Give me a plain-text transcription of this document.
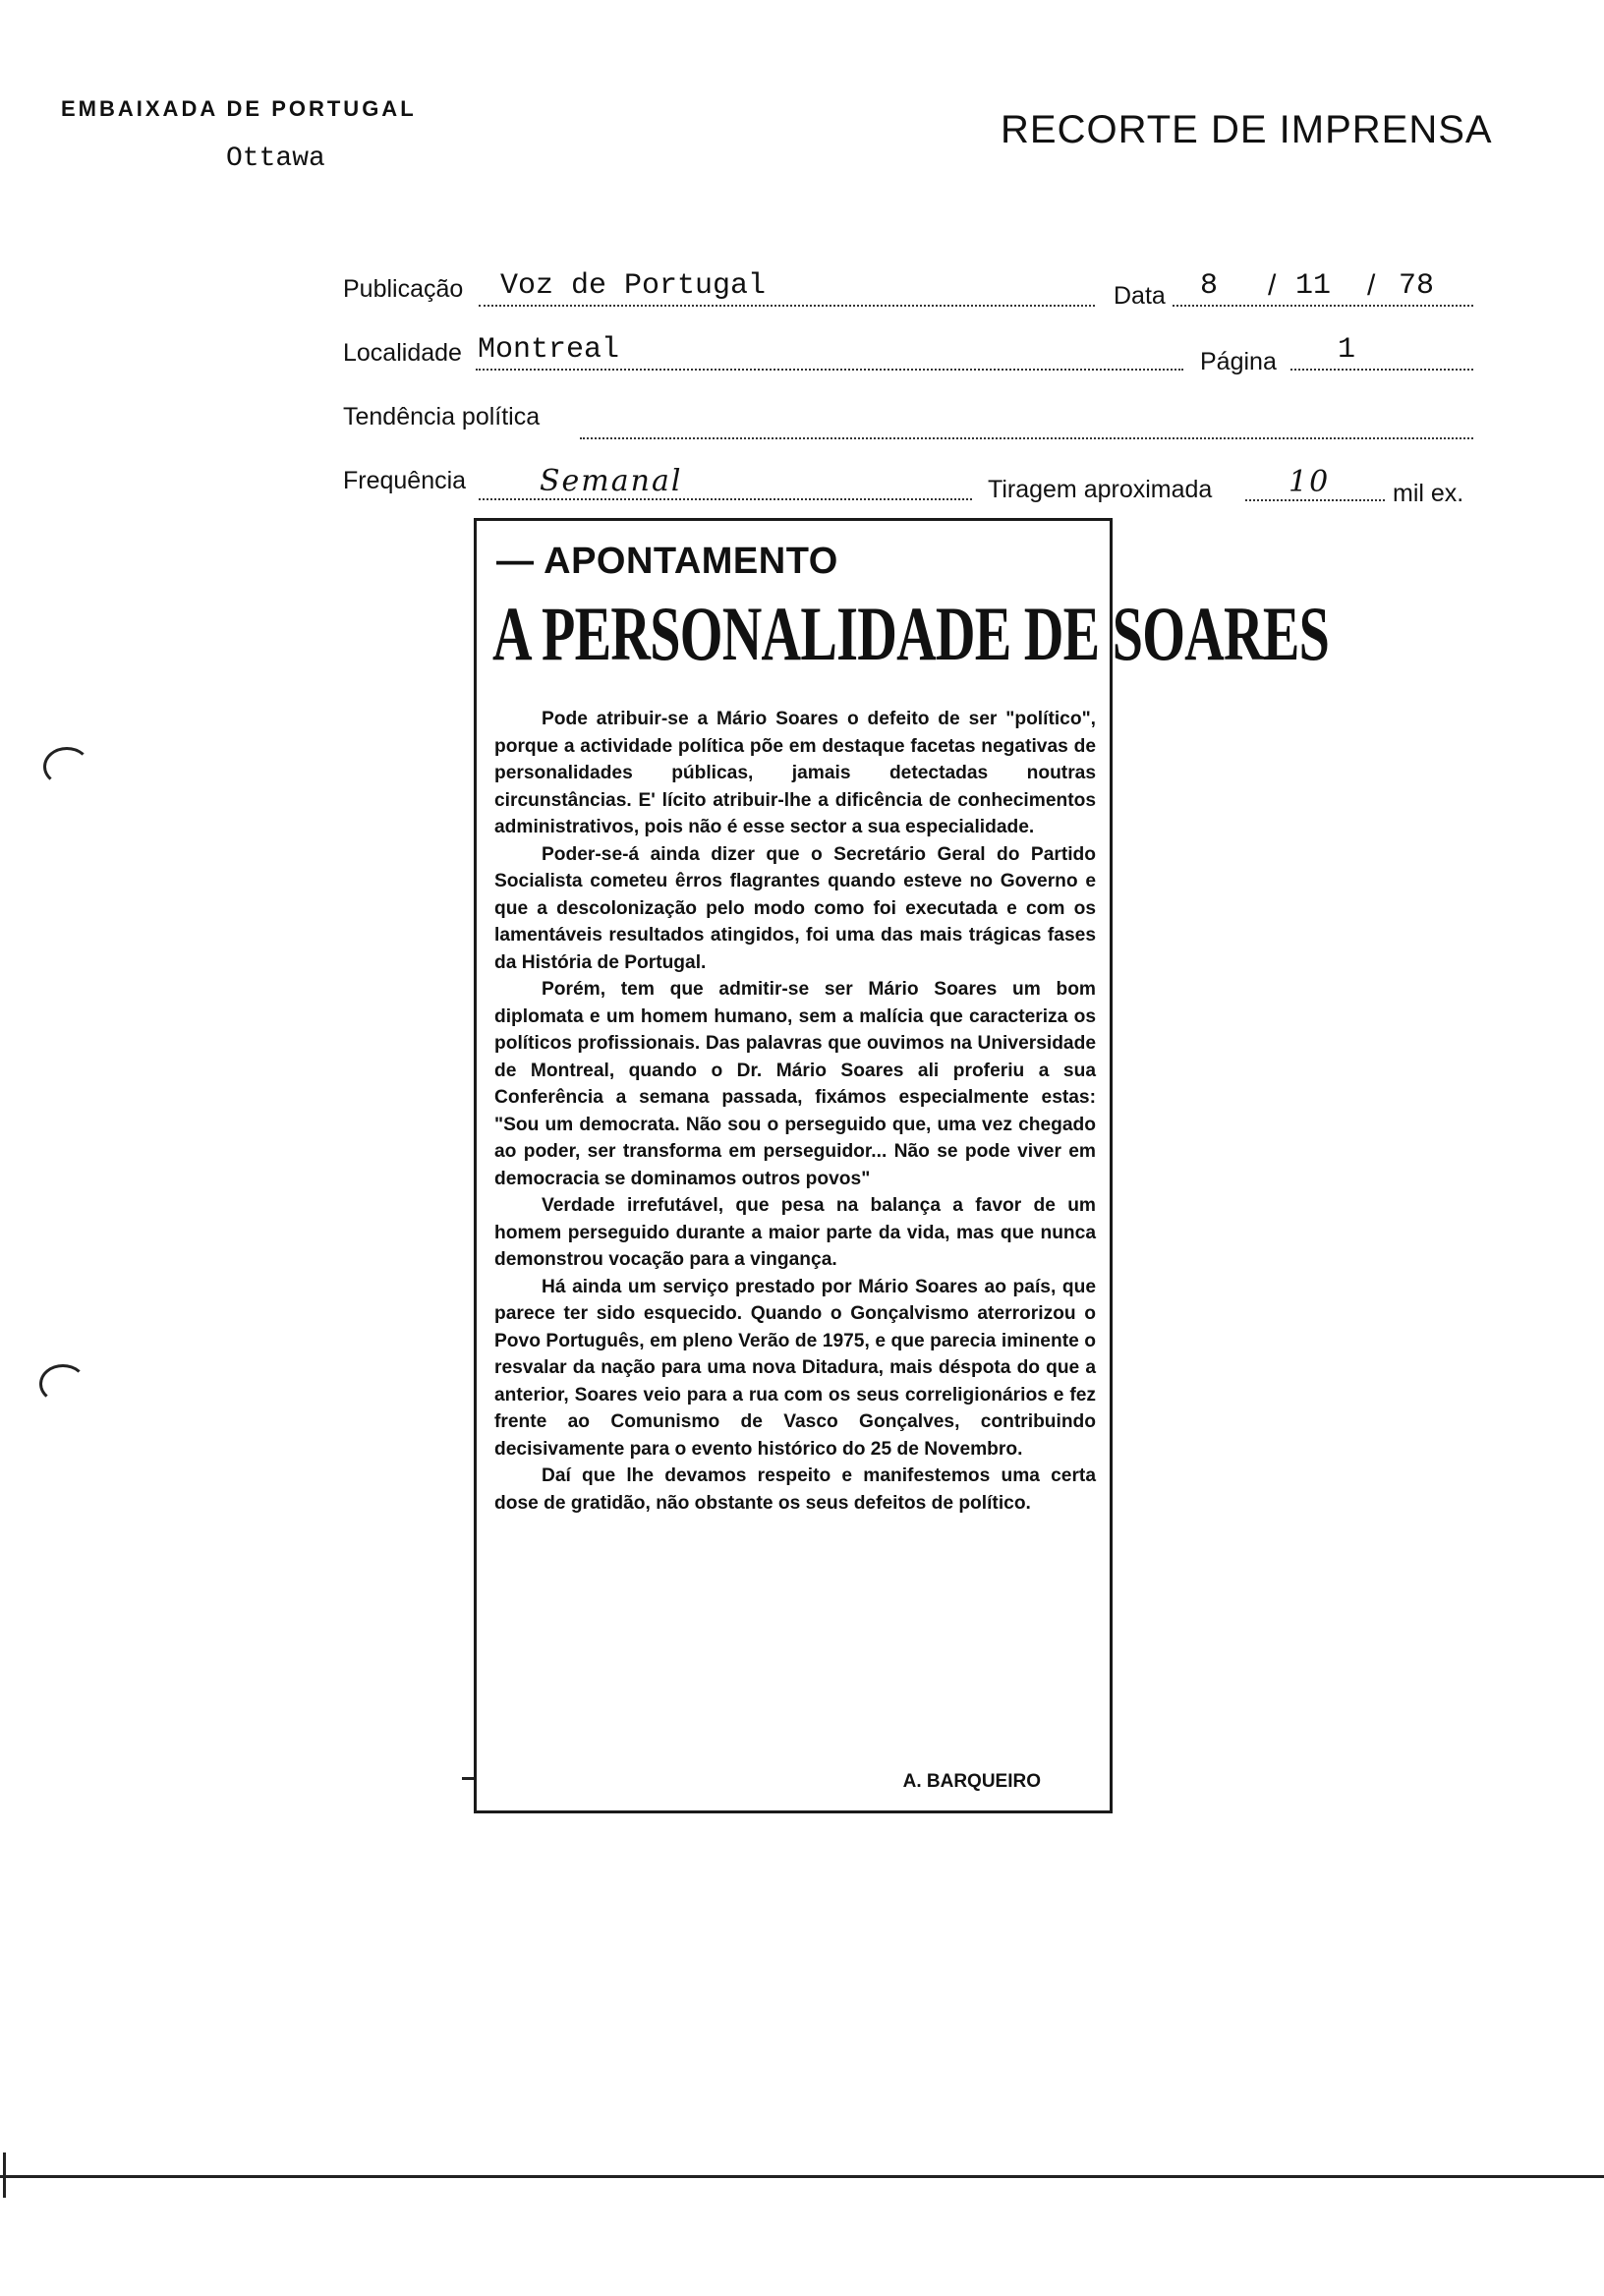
EMBAIXADA DE PORTUGAL
Ottawa
RECORTE DE IMPRENSA
Publicação Voz de Portugal	Data 8 / 11 / 78
Localidade Montreal	Página 1
Tendência política
Frequência Semanal	Tiragem aproximada	10	mil ex.
— APONTAMENTO
A PERSONALIDADE DE SOARES

Pode atribuir-se a Mário Soares o defeito de ser "político", porque a actividade política põe em destaque facetas negativas de personalidades públicas, jamais detectadas noutras circunstâncias. E' lícito atribuir-lhe a dificência de conhecimentos administrativos, pois não é esse sector a sua especialidade.

Poder-se-á ainda dizer que o Secretário Geral do Partido Socialista cometeu êrros flagrantes quando esteve no Governo e que a descolonização pelo modo como foi executada e com os lamentáveis resultados atingidos, foi uma das mais trágicas fases da História de Portugal.

Porém, tem que admitir-se ser Mário Soares um bom diplomata e um homem humano, sem a malícia que caracteriza os políticos profissionais. Das palavras que ouvimos na Universidade de Montreal, quando o Dr. Mário Soares ali proferiu a sua Conferência a semana passada, fixámos especialmente estas: "Sou um democrata. Não sou o perseguido que, uma vez chegado ao poder, ser transforma em perseguidor... Não se pode viver em democracia se dominamos outros povos"

Verdade irrefutável, que pesa na balança a favor de um homem perseguido durante a maior parte da vida, mas que nunca demonstrou vocação para a vingança.

Há ainda um serviço prestado por Mário Soares ao país, que parece ter sido esquecido. Quando o Gonçalvismo aterrorizou o Povo Português, em pleno Verão de 1975, e que parecia iminente o resvalar da nação para uma nova Ditadura, mais déspota do que a anterior, Soares veio para a rua com os seus correligionários e fez frente ao Comunismo de Vasco Gonçalves, contribuindo decisivamente para o evento histórico do 25 de Novembro.

Daí que lhe devamos respeito e manifestemos uma certa dose de gratidão, não obstante os seus defeitos de político.

A. BARQUEIRO
